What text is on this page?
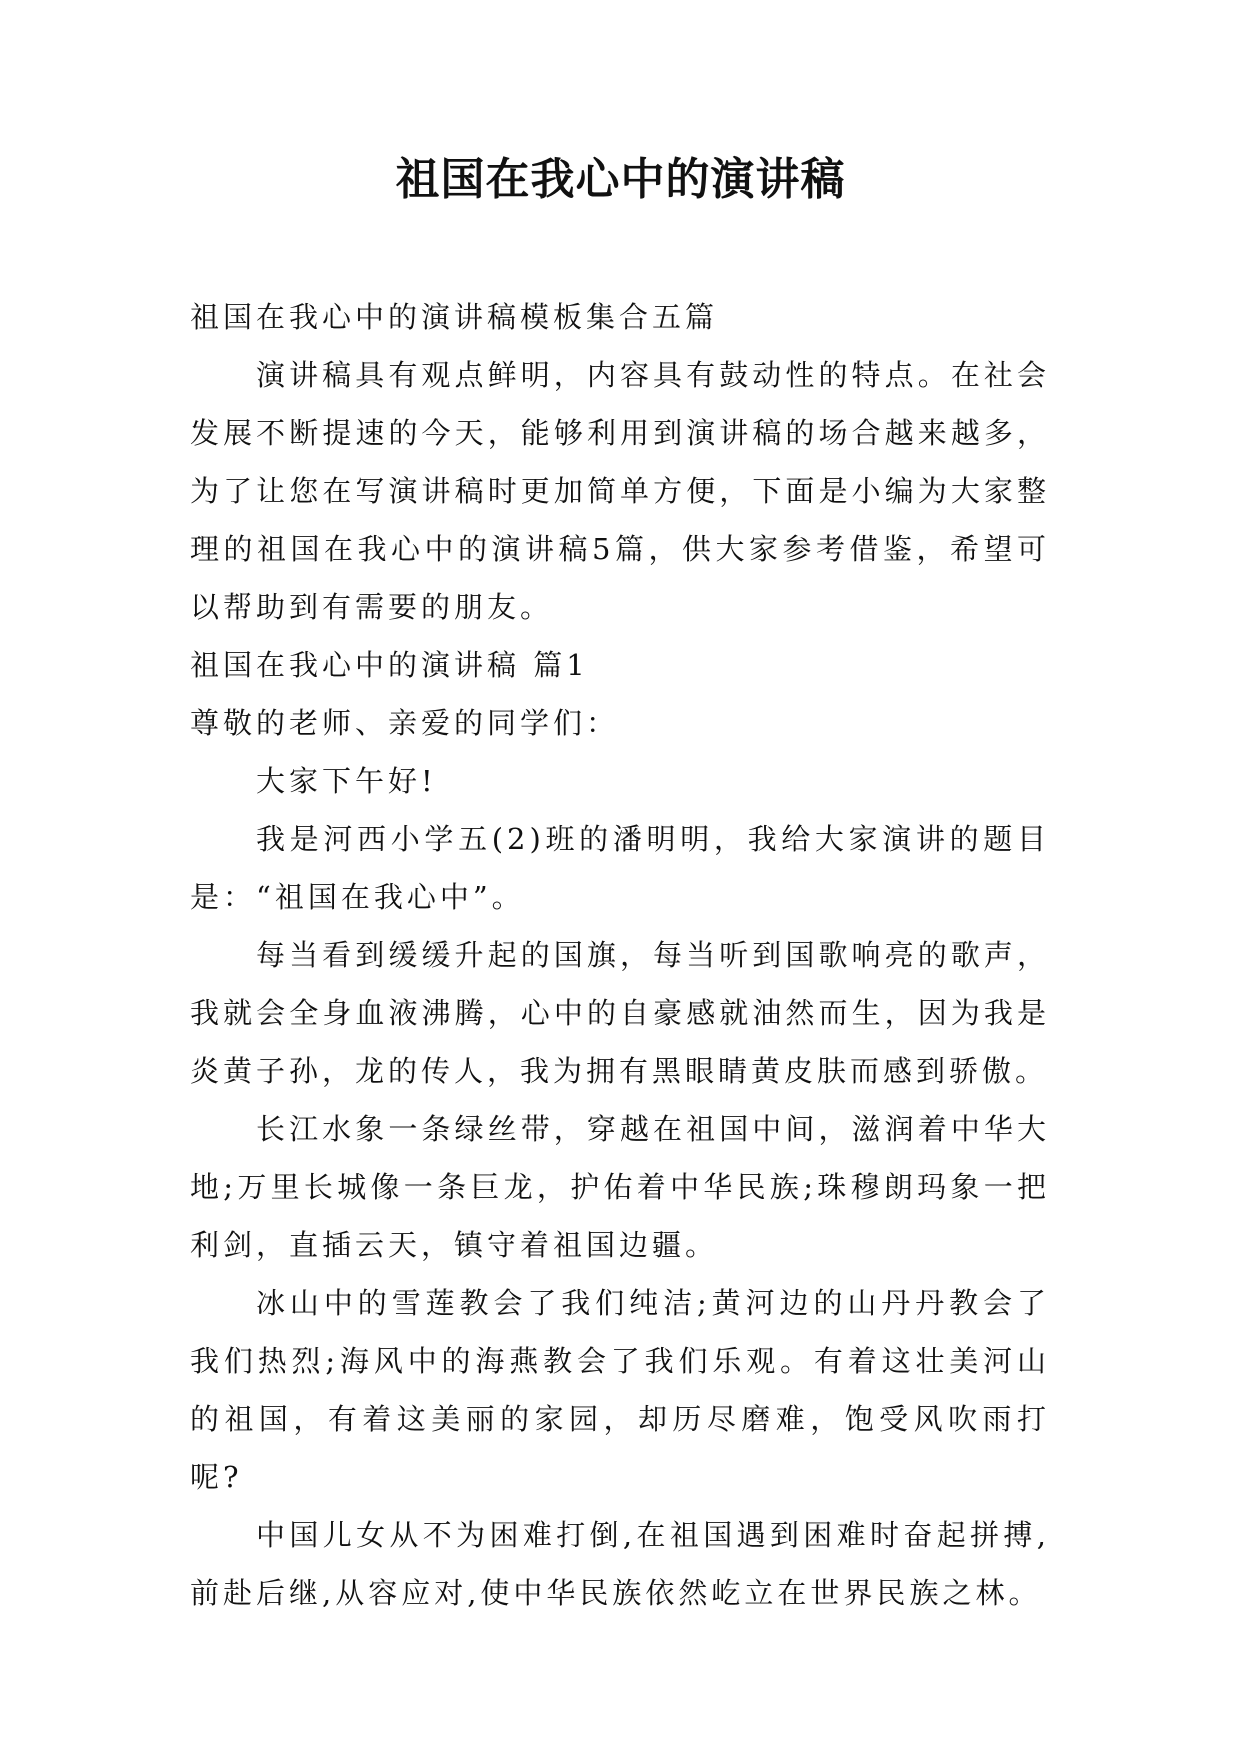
祖国在我心中的演讲稿

祖国在我心中的演讲稿模板集合五篇

演讲稿具有观点鲜明，内容具有鼓动性的特点。在社会发展不断提速的今天，能够利用到演讲稿的场合越来越多，为了让您在写演讲稿时更加简单方便，下面是小编为大家整理的祖国在我心中的演讲稿5篇，供大家参考借鉴，希望可以帮助到有需要的朋友。

祖国在我心中的演讲稿 篇1

尊敬的老师、亲爱的同学们：

大家下午好!

我是河西小学五(2)班的潘明明，我给大家演讲的题目是：“祖国在我心中”。

每当看到缓缓升起的国旗，每当听到国歌响亮的歌声，我就会全身血液沸腾，心中的自豪感就油然而生，因为我是炎黄子孙，龙的传人，我为拥有黑眼睛黄皮肤而感到骄傲。

长江水象一条绿丝带，穿越在祖国中间，滋润着中华大地;万里长城像一条巨龙，护佑着中华民族;珠穆朗玛象一把利剑，直插云天，镇守着祖国边疆。

冰山中的雪莲教会了我们纯洁;黄河边的山丹丹教会了我们热烈;海风中的海燕教会了我们乐观。有着这壮美河山的祖国，有着这美丽的家园，却历尽磨难，饱受风吹雨打呢?

中国儿女从不为困难打倒,在祖国遇到困难时奋起拼搏,前赴后继,从容应对,使中华民族依然屹立在世界民族之林。
